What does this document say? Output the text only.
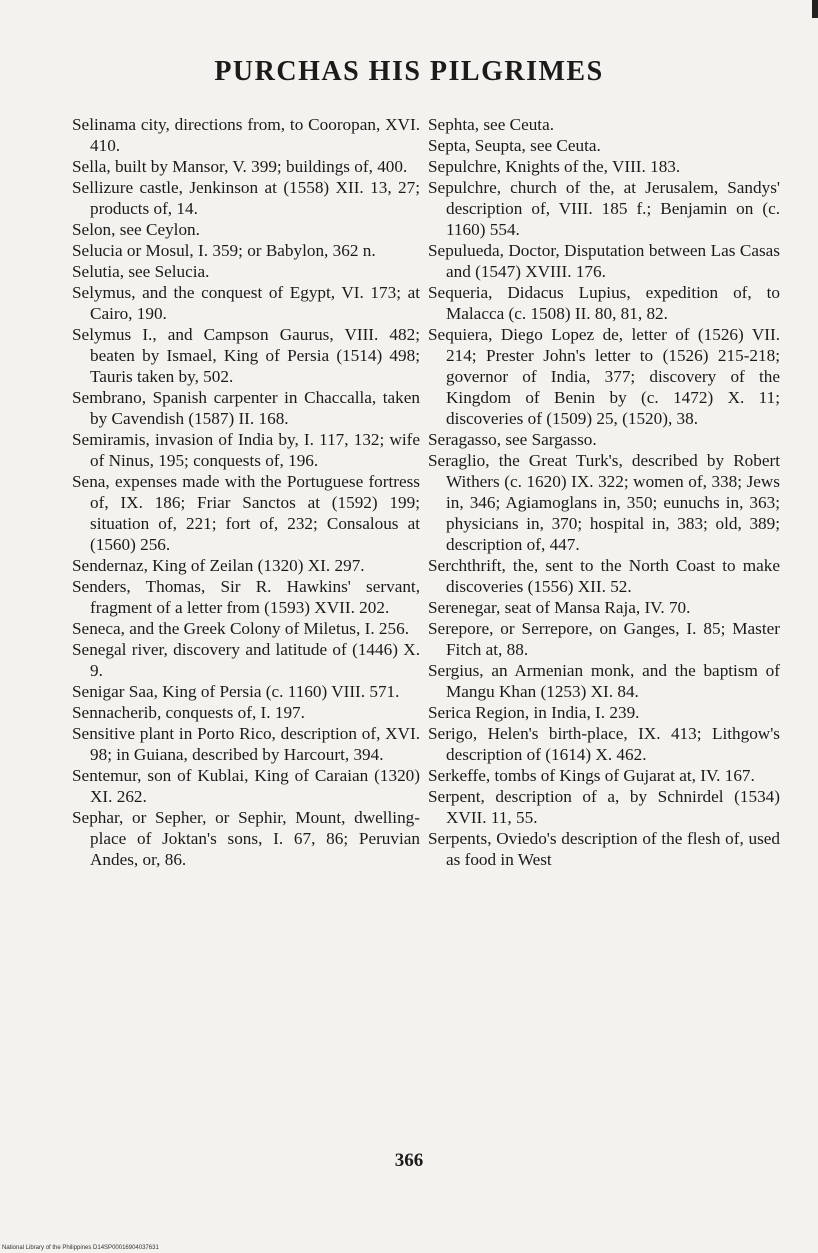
PURCHAS HIS PILGRIMES

Selinama city, directions from, to Cooropan, XVI. 410.

Sella, built by Mansor, V. 399; buildings of, 400.

Sellizure castle, Jenkinson at (1558) XII. 13, 27; products of, 14.

Selon, see Ceylon.

Selucia or Mosul, I. 359; or Babylon, 362 n.

Selutia, see Selucia.

Selymus, and the conquest of Egypt, VI. 173; at Cairo, 190.

Selymus I., and Campson Gaurus, VIII. 482; beaten by Ismael, King of Persia (1514) 498; Tauris taken by, 502.

Sembrano, Spanish carpenter in Chaccalla, taken by Cavendish (1587) II. 168.

Semiramis, invasion of India by, I. 117, 132; wife of Ninus, 195; conquests of, 196.

Sena, expenses made with the Portuguese fortress of, IX. 186; Friar Sanctos at (1592) 199; situation of, 221; fort of, 232; Consalous at (1560) 256.

Sendernaz, King of Zeilan (1320) XI. 297.

Senders, Thomas, Sir R. Hawkins' servant, fragment of a letter from (1593) XVII. 202.

Seneca, and the Greek Colony of Miletus, I. 256.

Senegal river, discovery and latitude of (1446) X. 9.

Senigar Saa, King of Persia (c. 1160) VIII. 571.

Sennacherib, conquests of, I. 197.

Sensitive plant in Porto Rico, description of, XVI. 98; in Guiana, described by Harcourt, 394.

Sentemur, son of Kublai, King of Caraian (1320) XI. 262.

Sephar, or Sepher, or Sephir, Mount, dwelling-place of Joktan's sons, I. 67, 86; Peruvian Andes, or, 86.

Sephta, see Ceuta.

Septa, Seupta, see Ceuta.

Sepulchre, Knights of the, VIII. 183.

Sepulchre, church of the, at Jerusalem, Sandys' description of, VIII. 185 f.; Benjamin on (c. 1160) 554.

Sepulueda, Doctor, Disputation between Las Casas and (1547) XVIII. 176.

Sequeria, Didacus Lupius, expedition of, to Malacca (c. 1508) II. 80, 81, 82.

Sequiera, Diego Lopez de, letter of (1526) VII. 214; Prester John's letter to (1526) 215-218; governor of India, 377; discovery of the Kingdom of Benin by (c. 1472) X. 11; discoveries of (1509) 25, (1520), 38.

Seragasso, see Sargasso.

Seraglio, the Great Turk's, described by Robert Withers (c. 1620) IX. 322; women of, 338; Jews in, 346; Agiamoglans in, 350; eunuchs in, 363; physicians in, 370; hospital in, 383; old, 389; description of, 447.

Serchthrift, the, sent to the North Coast to make discoveries (1556) XII. 52.

Serenegar, seat of Mansa Raja, IV. 70.

Serepore, or Serrepore, on Ganges, I. 85; Master Fitch at, 88.

Sergius, an Armenian monk, and the baptism of Mangu Khan (1253) XI. 84.

Serica Region, in India, I. 239.

Serigo, Helen's birth-place, IX. 413; Lithgow's description of (1614) X. 462.

Serkeffe, tombs of Kings of Gujarat at, IV. 167.

Serpent, description of a, by Schnirdel (1534) XVII. 11, 55.

Serpents, Oviedo's description of the flesh of, used as food in West

366
National Library of the Philippines D14SP00016904037631
